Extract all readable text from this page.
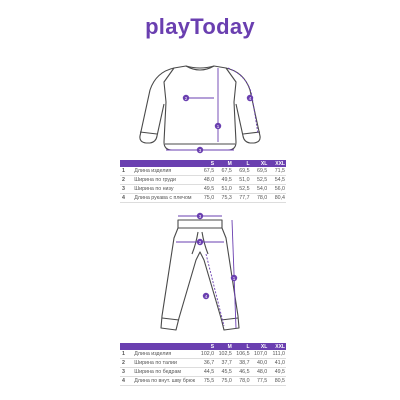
playToday
1
2
3
4
		S	M	L	XL	XXL
1	Длина изделия	67,5	67,5	69,5	69,5	71,5
2	Ширина по груди	48,0	49,5	51,0	52,5	54,5
3	Ширина по низу	49,5	51,0	52,5	54,0	56,0
4	Длина рукава с плечом	75,0	75,3	77,7	78,0	80,4
1
2
3
4
		S	M	L	XL	XXL
1	Длина изделия	102,0	102,5	106,5	107,0	111,0
2	Ширина по талии	36,7	37,7	38,7	40,0	41,0
3	Ширина по бедрам	44,5	45,5	46,5	48,0	49,5
4	Длина по внут. шву брюк	75,5	75,0	78,0	77,5	80,5
